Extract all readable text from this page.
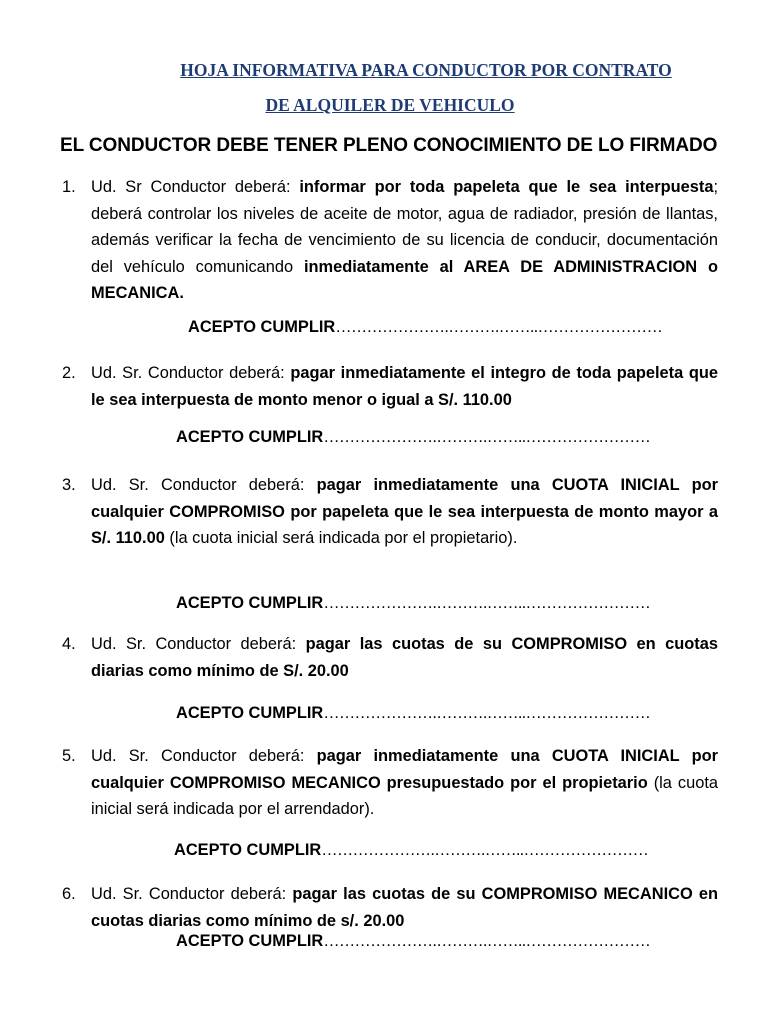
HOJA INFORMATIVA PARA CONDUCTOR POR CONTRATO
DE ALQUILER DE VEHICULO
EL CONDUCTOR DEBE TENER PLENO CONOCIMIENTO DE LO FIRMADO
1. Ud. Sr Conductor deberá: informar por toda papeleta que le sea interpuesta; deberá controlar los niveles de aceite de motor, agua de radiador, presión de llantas, además verificar la fecha de vencimiento de su licencia de conducir, documentación del vehículo comunicando inmediatamente al AREA DE ADMINISTRACION o MECANICA.
ACEPTO CUMPLIR………………….……….……..……………………
2. Ud. Sr. Conductor deberá: pagar inmediatamente el integro de toda papeleta que le sea interpuesta de monto menor o igual a S/. 110.00
ACEPTO CUMPLIR………………….……….……..……………………
3. Ud. Sr. Conductor deberá: pagar inmediatamente una CUOTA INICIAL por cualquier COMPROMISO por papeleta que le sea interpuesta de monto mayor a S/. 110.00 (la cuota inicial será indicada por el propietario).
ACEPTO CUMPLIR………………….……….……..……………………
4. Ud. Sr. Conductor deberá: pagar las cuotas de su COMPROMISO en cuotas diarias como mínimo de S/. 20.00
ACEPTO CUMPLIR………………….……….……..……………………
5. Ud. Sr. Conductor deberá: pagar inmediatamente una CUOTA INICIAL por cualquier COMPROMISO MECANICO presupuestado por el propietario (la cuota inicial será indicada por el arrendador).
ACEPTO CUMPLIR………………….……….……..……………………
6. Ud. Sr. Conductor deberá: pagar las cuotas de su COMPROMISO MECANICO en cuotas diarias como mínimo de s/. 20.00
ACEPTO CUMPLIR………………….……….……..……………………
